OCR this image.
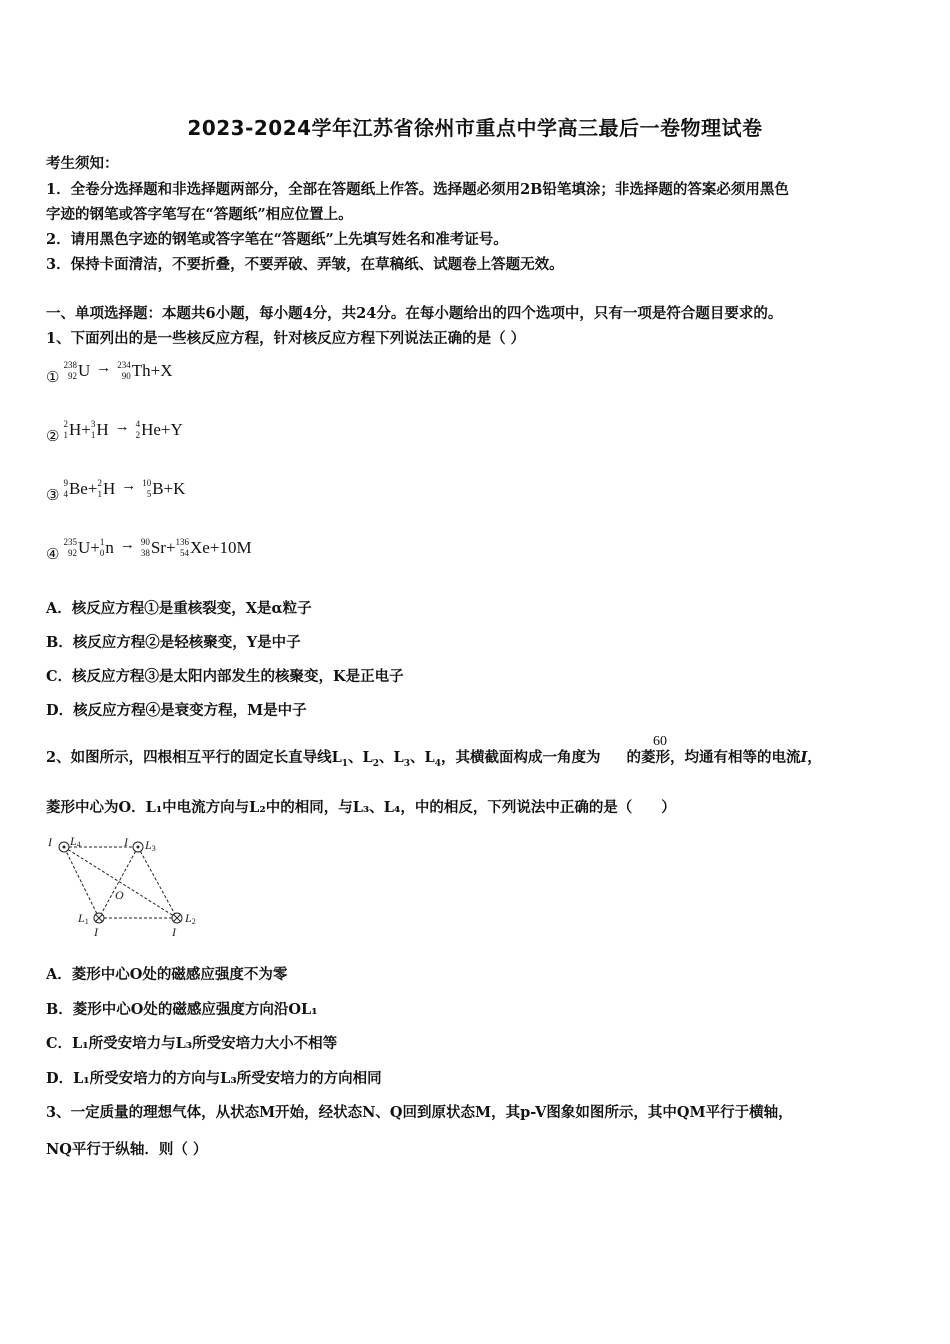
2023-2024学年江苏省徐州市重点中学高三最后一卷物理试卷
考生须知：
1．全卷分选择题和非选择题两部分，全部在答题纸上作答。选择题必须用2B铅笔填涂；非选择题的答案必须用黑色
字迹的钢笔或答字笔写在“答题纸”相应位置上。
2．请用黑色字迹的钢笔或答字笔在“答题纸”上先填写姓名和准考证号。
3．保持卡面清洁，不要折叠，不要弄破、弄皱，在草稿纸、试题卷上答题无效。
一、单项选择题：本题共6小题，每小题4分，共24分。在每小题给出的四个选项中，只有一项是符合题目要求的。
1、下面列出的是一些核反应方程，针对核反应方程下列说法正确的是（ ）
①
238
92 U → 234
90 Th+X
②
2
1 H+ 3
1 H → 4
2 He+Y
③
9
4 Be+ 2
1 H → 10
5 B+K
④
235
92 U+ 1
0 n → 90
38 Sr+ 136
54 Xe+10M
A．核反应方程①是重核裂变，X是α粒子
B．核反应方程②是轻核聚变，Y是中子
C．核反应方程③是太阳内部发生的核聚变，K是正电子
D．核反应方程④是衰变方程，M是中子
2、如图所示，四根相互平行的固定长直导线$L_1$、$L_2$、$L_3$、$L_4$，其横截面构成一角度为 的菱形，均通有相等的电流I，
60
菱形中心为O．L₁中电流方向与L₂中的相同，与L₃、L₄，中的相反，下列说法中正确的是（　　）
I L4	I L3
O
L1
I
L2
I
A．菱形中心O处的磁感应强度不为零
B．菱形中心O处的磁感应强度方向沿OL₁
C．L₁所受安培力与L₃所受安培力大小不相等
D．L₁所受安培力的方向与L₃所受安培力的方向相同
3、一定质量的理想气体，从状态M开始，经状态N、Q回到原状态M，其p-V图象如图所示，其中QM平行于横轴，
NQ平行于纵轴．则（ ）
